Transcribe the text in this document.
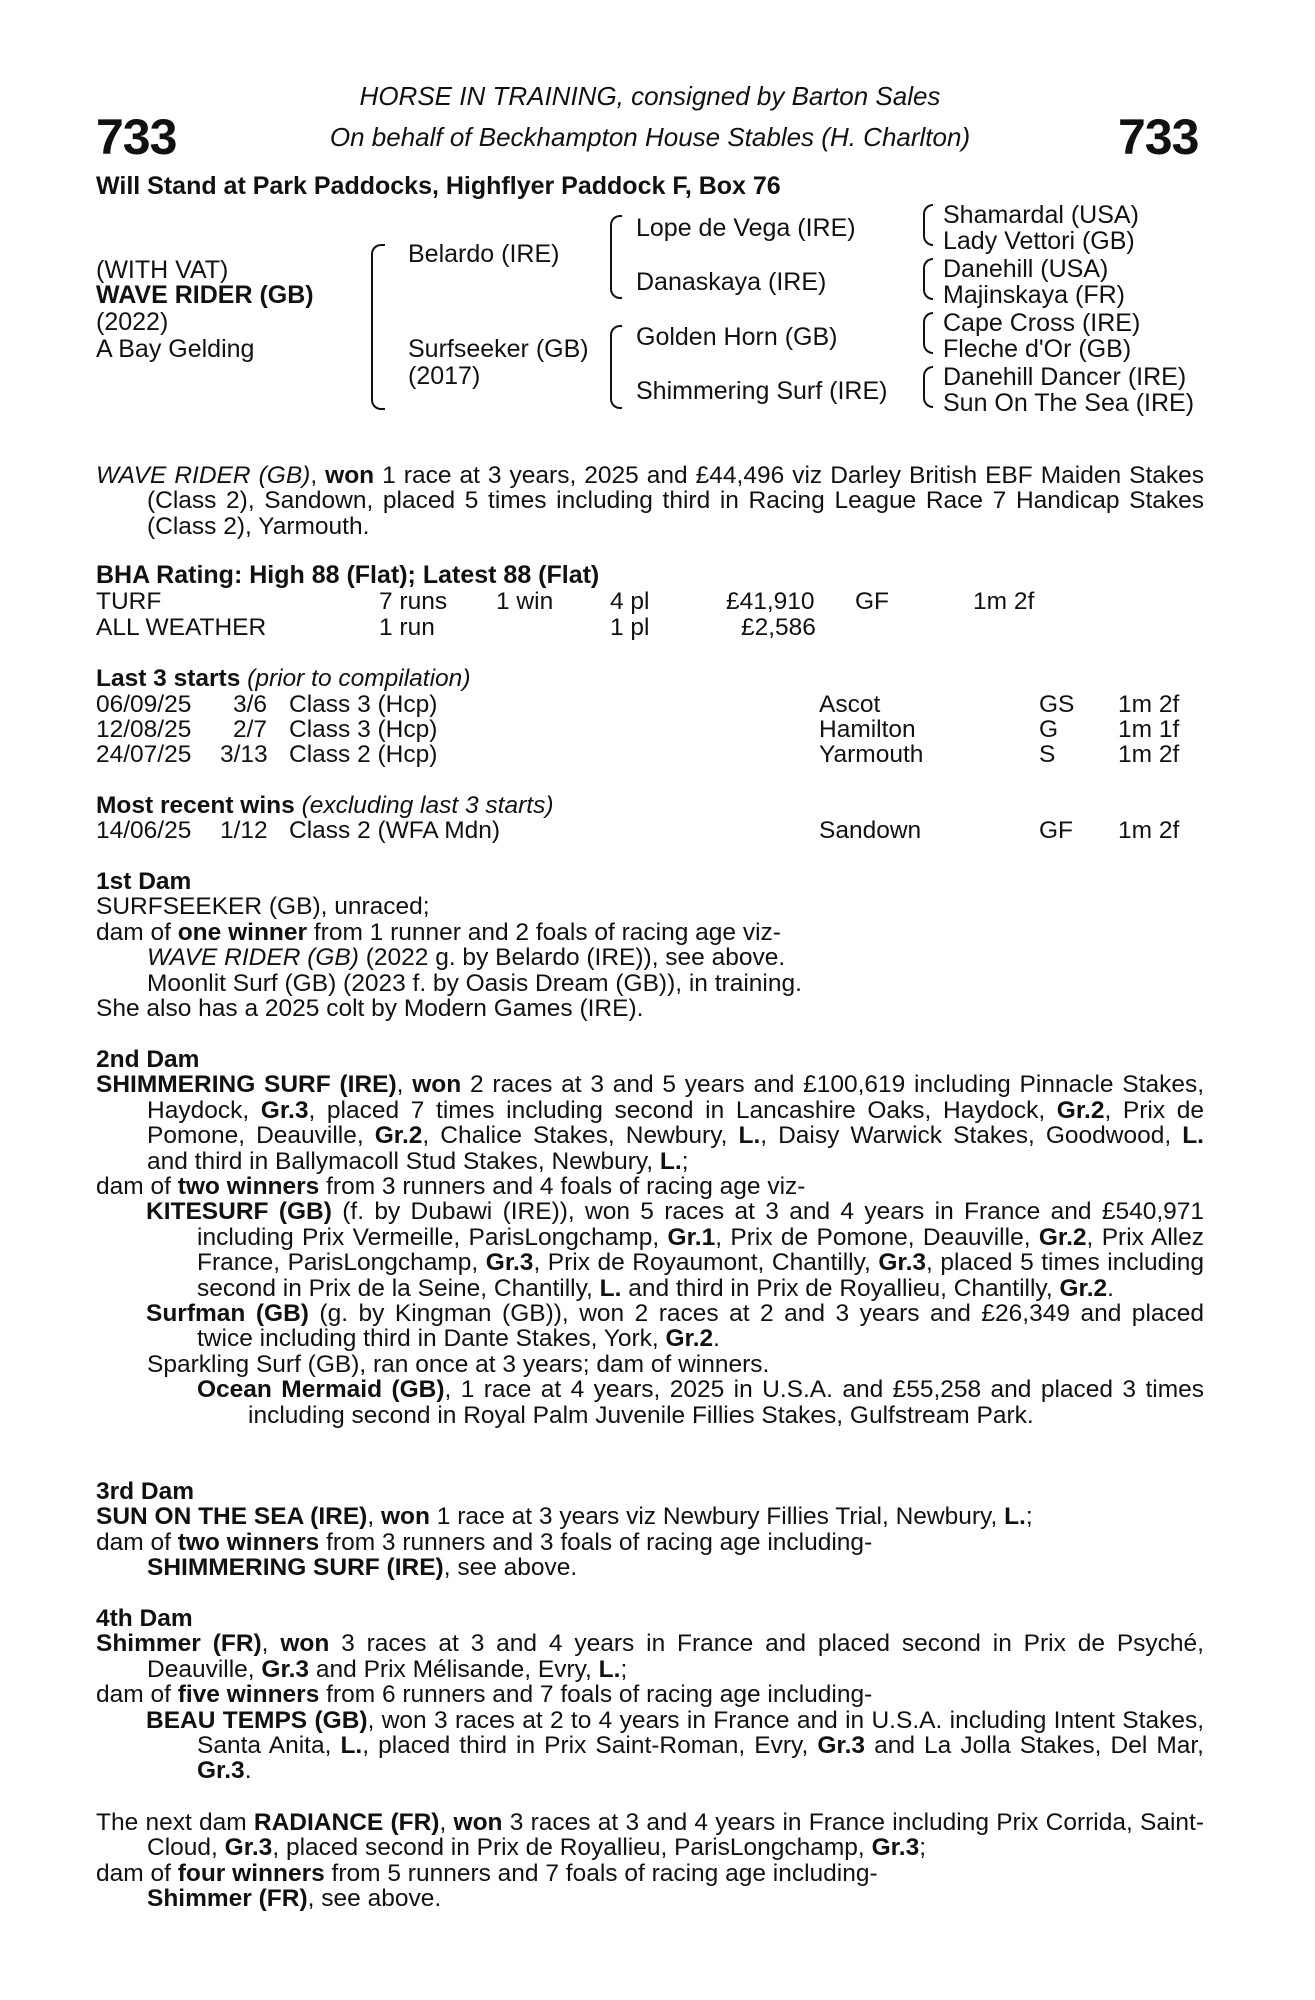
733	733
HORSE IN TRAINING, consigned by Barton Sales
On behalf of Beckhampton House Stables (H. Charlton)
Will Stand at Park Paddocks, Highflyer Paddock F, Box 76
(WITH VAT)
WAVE RIDER (GB)
(2022)
A Bay Gelding
Belardo (IRE)
Surfseeker (GB)
(2017)
Lope de Vega (IRE)
Danaskaya (IRE)
Golden Horn (GB)
Shimmering Surf (IRE)
Shamardal (USA)
Lady Vettori (GB)
Danehill (USA)
Majinskaya (FR)
Cape Cross (IRE)
Fleche d'Or (GB)
Danehill Dancer (IRE)
Sun On The Sea (IRE)

WAVE RIDER (GB), won 1 race at 3 years, 2025 and £44,496 viz Darley British EBF Maiden Stakes (Class 2), Sandown, placed 5 times including third in Racing League Race 7 Handicap Stakes (Class 2), Yarmouth.

BHA Rating: High 88 (Flat); Latest 88 (Flat)
TURF	7 runs 1 win 4 pl	£41,910 GF	1m 2f
ALL WEATHER	1 run	1 pl	£2,586
Last 3 starts (prior to compilation)
06/09/25 3/6 Class 3 (Hcp)	Ascot	GS 1m 2f
12/08/25 2/7 Class 3 (Hcp)	Hamilton	G 1m 1f
24/07/25 3/13 Class 2 (Hcp)	Yarmouth	S	1m 2f
Most recent wins (excluding last 3 starts)
14/06/25 1/12 Class 2 (WFA Mdn)	Sandown	GF 1m 2f

1st Dam

SURFSEEKER (GB), unraced;

dam of one winner from 1 runner and 2 foals of racing age viz-

WAVE RIDER (GB) (2022 g. by Belardo (IRE)), see above.

Moonlit Surf (GB) (2023 f. by Oasis Dream (GB)), in training.

She also has a 2025 colt by Modern Games (IRE).

2nd Dam

SHIMMERING SURF (IRE), won 2 races at 3 and 5 years and £100,619 including Pinnacle Stakes, Haydock, Gr.3, placed 7 times including second in Lancashire Oaks, Haydock, Gr.2, Prix de Pomone, Deauville, Gr.2, Chalice Stakes, Newbury, L., Daisy Warwick Stakes, Goodwood, L. and third in Ballymacoll Stud Stakes, Newbury, L.;

dam of two winners from 3 runners and 4 foals of racing age viz-

KITESURF (GB) (f. by Dubawi (IRE)), won 5 races at 3 and 4 years in France and £540,971 including Prix Vermeille, ParisLongchamp, Gr.1, Prix de Pomone, Deauville, Gr.2, Prix Allez France, ParisLongchamp, Gr.3, Prix de Royaumont, Chantilly, Gr.3, placed 5 times including second in Prix de la Seine, Chantilly, L. and third in Prix de Royallieu, Chantilly, Gr.2.

Surfman (GB) (g. by Kingman (GB)), won 2 races at 2 and 3 years and £26,349 and placed twice including third in Dante Stakes, York, Gr.2.

Sparkling Surf (GB), ran once at 3 years; dam of winners.

Ocean Mermaid (GB), 1 race at 4 years, 2025 in U.S.A. and £55,258 and placed 3 times including second in Royal Palm Juvenile Fillies Stakes, Gulfstream Park.

3rd Dam

SUN ON THE SEA (IRE), won 1 race at 3 years viz Newbury Fillies Trial, Newbury, L.;

dam of two winners from 3 runners and 3 foals of racing age including-

SHIMMERING SURF (IRE), see above.

4th Dam

Shimmer (FR), won 3 races at 3 and 4 years in France and placed second in Prix de Psyché, Deauville, Gr.3 and Prix Mélisande, Evry, L.;

dam of five winners from 6 runners and 7 foals of racing age including-

BEAU TEMPS (GB), won 3 races at 2 to 4 years in France and in U.S.A. including Intent Stakes, Santa Anita, L., placed third in Prix Saint-Roman, Evry, Gr.3 and La Jolla Stakes, Del Mar, Gr.3.

The next dam RADIANCE (FR), won 3 races at 3 and 4 years in France including Prix Corrida, Saint-Cloud, Gr.3, placed second in Prix de Royallieu, ParisLongchamp, Gr.3;

dam of four winners from 5 runners and 7 foals of racing age including-

Shimmer (FR), see above.
